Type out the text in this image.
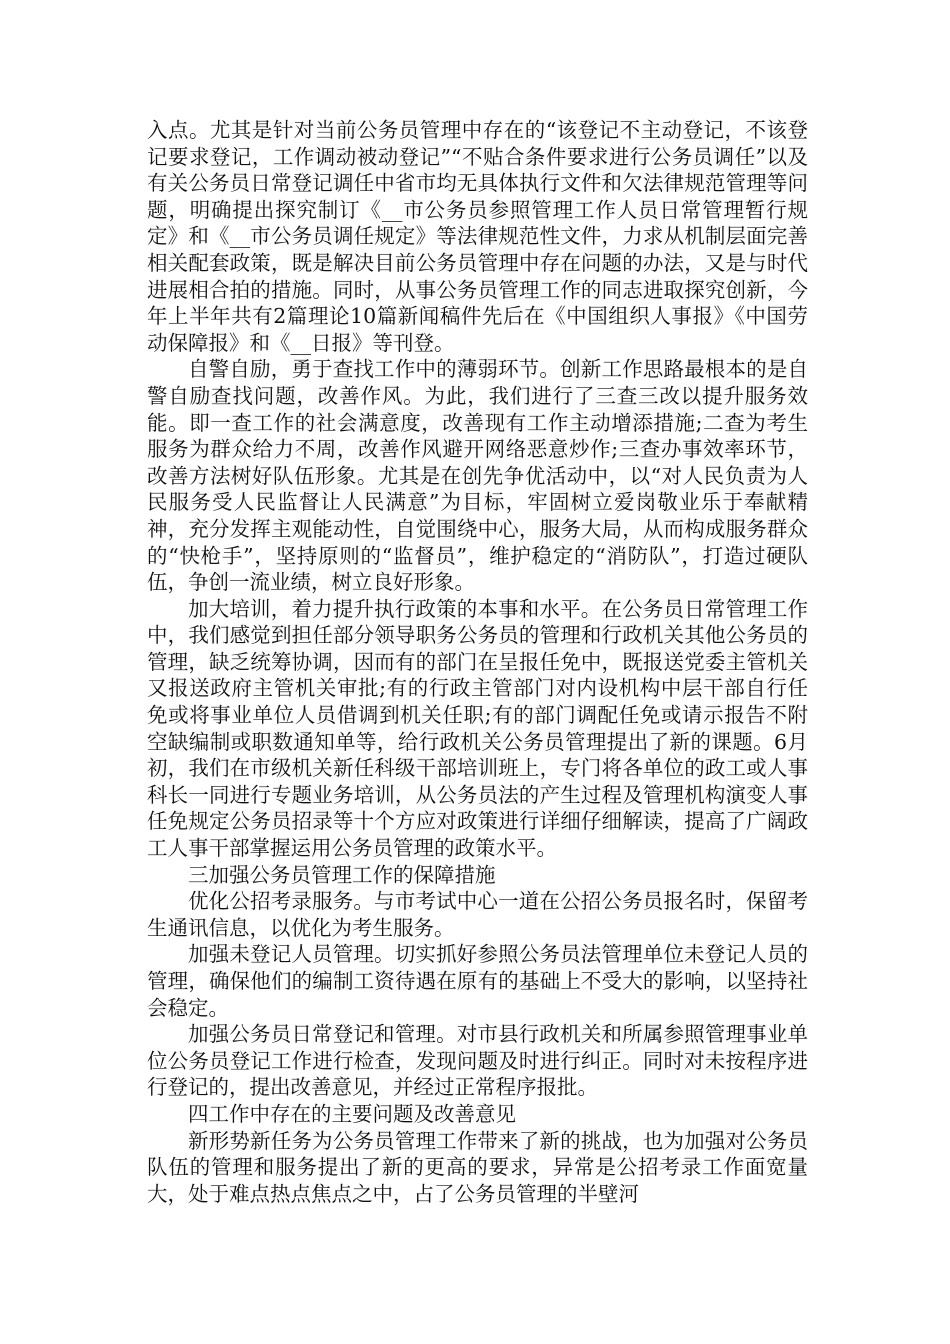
入点。尤其是针对当前公务员管理中存在的“该登记不主动登记，不该登记要求登记，工作调动被动登记”“不贴合条件要求进行公务员调任”以及有关公务员日常登记调任中省市均无具体执行文件和欠法律规范管理等问题，明确提出探究制订《__市公务员参照管理工作人员日常管理暂行规定》和《__市公务员调任规定》等法律规范性文件，力求从机制层面完善相关配套政策，既是解决目前公务员管理中存在问题的办法，又是与时代进展相合拍的措施。同时，从事公务员管理工作的同志进取探究创新，今年上半年共有2篇理论10篇新闻稿件先后在《中国组织人事报》《中国劳动保障报》和《__日报》等刊登。

自警自励，勇于查找工作中的薄弱环节。创新工作思路最根本的是自警自励查找问题，改善作风。为此，我们进行了三查三改以提升服务效能。即一查工作的社会满意度，改善现有工作主动增添措施;二查为考生服务为群众给力不周，改善作风避开网络恶意炒作;三查办事效率环节，改善方法树好队伍形象。尤其是在创先争优活动中，以“对人民负责为人民服务受人民监督让人民满意”为目标，牢固树立爱岗敬业乐于奉献精神，充分发挥主观能动性，自觉围绕中心，服务大局，从而构成服务群众的“快枪手”，坚持原则的“监督员”，维护稳定的“消防队”，打造过硬队伍，争创一流业绩，树立良好形象。

加大培训，着力提升执行政策的本事和水平。在公务员日常管理工作中，我们感觉到担任部分领导职务公务员的管理和行政机关其他公务员的管理，缺乏统筹协调，因而有的部门在呈报任免中，既报送党委主管机关又报送政府主管机关审批;有的行政主管部门对内设机构中层干部自行任免或将事业单位人员借调到机关任职;有的部门调配任免或请示报告不附空缺编制或职数通知单等，给行政机关公务员管理提出了新的课题。6月初，我们在市级机关新任科级干部培训班上，专门将各单位的政工或人事科长一同进行专题业务培训，从公务员法的产生过程及管理机构演变人事任免规定公务员招录等十个方应对政策进行详细仔细解读，提高了广阔政工人事干部掌握运用公务员管理的政策水平。

三加强公务员管理工作的保障措施

优化公招考录服务。与市考试中心一道在公招公务员报名时，保留考生通讯信息，以优化为考生服务。

加强未登记人员管理。切实抓好参照公务员法管理单位未登记人员的管理，确保他们的编制工资待遇在原有的基础上不受大的影响，以坚持社会稳定。

加强公务员日常登记和管理。对市县行政机关和所属参照管理事业单位公务员登记工作进行检查，发现问题及时进行纠正。同时对未按程序进行登记的，提出改善意见，并经过正常程序报批。

四工作中存在的主要问题及改善意见

新形势新任务为公务员管理工作带来了新的挑战，也为加强对公务员队伍的管理和服务提出了新的更高的要求，异常是公招考录工作面宽量大，处于难点热点焦点之中，占了公务员管理的半壁河
